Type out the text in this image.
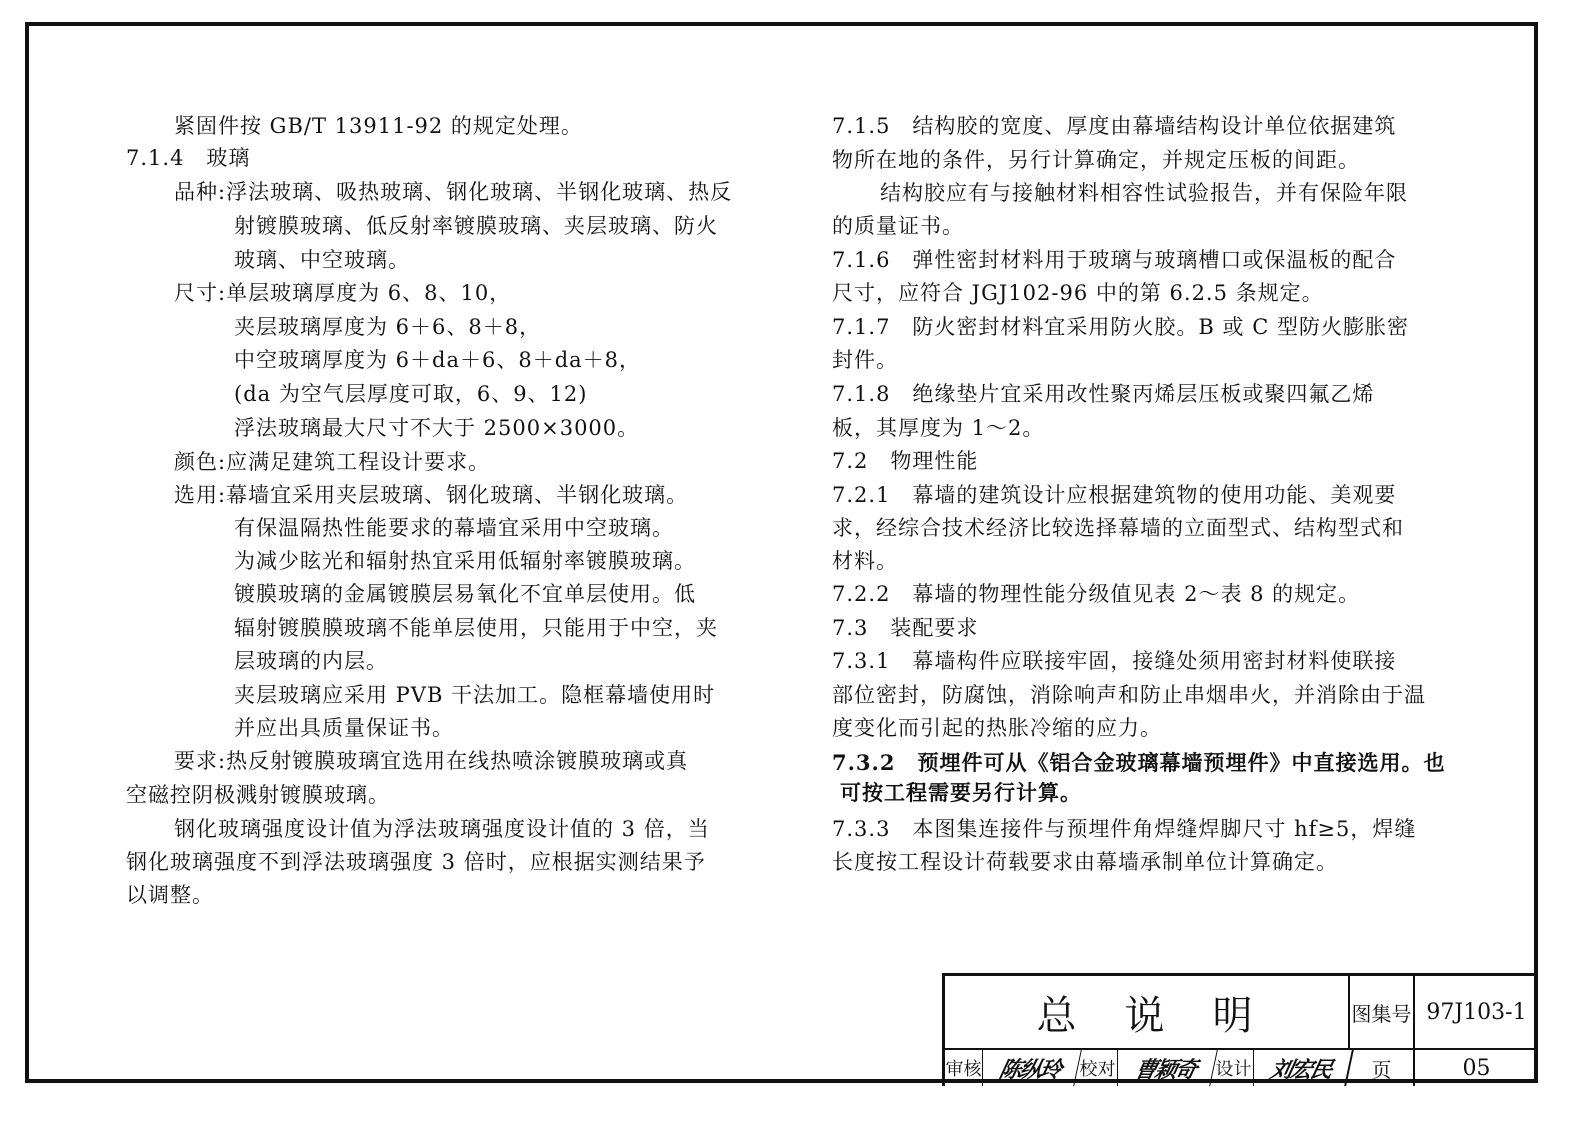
紧固件按 GB/T 13911-92 的规定处理。
7.1.4　玻璃
品种:浮法玻璃、吸热玻璃、钢化玻璃、半钢化玻璃、热反
射镀膜玻璃、低反射率镀膜玻璃、夹层玻璃、防火
玻璃、中空玻璃。
尺寸:单层玻璃厚度为 6、8、10，
夹层玻璃厚度为 6＋6、8＋8，
中空玻璃厚度为 6＋da＋6、8＋da＋8，
(da 为空气层厚度可取，6、9、12)
浮法玻璃最大尺寸不大于 2500×3000。
颜色:应满足建筑工程设计要求。
选用:幕墙宜采用夹层玻璃、钢化玻璃、半钢化玻璃。
有保温隔热性能要求的幕墙宜采用中空玻璃。
为减少眩光和辐射热宜采用低辐射率镀膜玻璃。
镀膜玻璃的金属镀膜层易氧化不宜单层使用。低
辐射镀膜膜玻璃不能单层使用，只能用于中空，夹
层玻璃的内层。
夹层玻璃应采用 PVB 干法加工。隐框幕墙使用时
并应出具质量保证书。
要求:热反射镀膜玻璃宜选用在线热喷涂镀膜玻璃或真
空磁控阴极溅射镀膜玻璃。
钢化玻璃强度设计值为浮法玻璃强度设计值的 3 倍，当
钢化玻璃强度不到浮法玻璃强度 3 倍时，应根据实测结果予
以调整。
7.1.5　结构胶的宽度、厚度由幕墙结构设计单位依据建筑
物所在地的条件，另行计算确定，并规定压板的间距。
结构胶应有与接触材料相容性试验报告，并有保险年限
的质量证书。
7.1.6　弹性密封材料用于玻璃与玻璃槽口或保温板的配合
尺寸，应符合 JGJ102-96 中的第 6.2.5 条规定。
7.1.7　防火密封材料宜采用防火胶。B 或 C 型防火膨胀密
封件。
7.1.8　绝缘垫片宜采用改性聚丙烯层压板或聚四氟乙烯
板，其厚度为 1～2。
7.2　物理性能
7.2.1　幕墙的建筑设计应根据建筑物的使用功能、美观要
求，经综合技术经济比较选择幕墙的立面型式、结构型式和
材料。
7.2.2　幕墙的物理性能分级值见表 2～表 8 的规定。
7.3　装配要求
7.3.1　幕墙构件应联接牢固，接缝处须用密封材料使联接
部位密封，防腐蚀，消除响声和防止串烟串火，并消除由于温
度变化而引起的热胀冷缩的应力。
7.3.2　预埋件可从《铝合金玻璃幕墙预埋件》中直接选用。也
可按工程需要另行计算。
7.3.3　本图集连接件与预埋件角焊缝焊脚尺寸 hf≥5，焊缝
长度按工程设计荷载要求由幕墙承制单位计算确定。
总　说　明	图集号 97J103-1
审核 陈纵玲 校对 曹颖奇 设计 刘宏民	页	05
